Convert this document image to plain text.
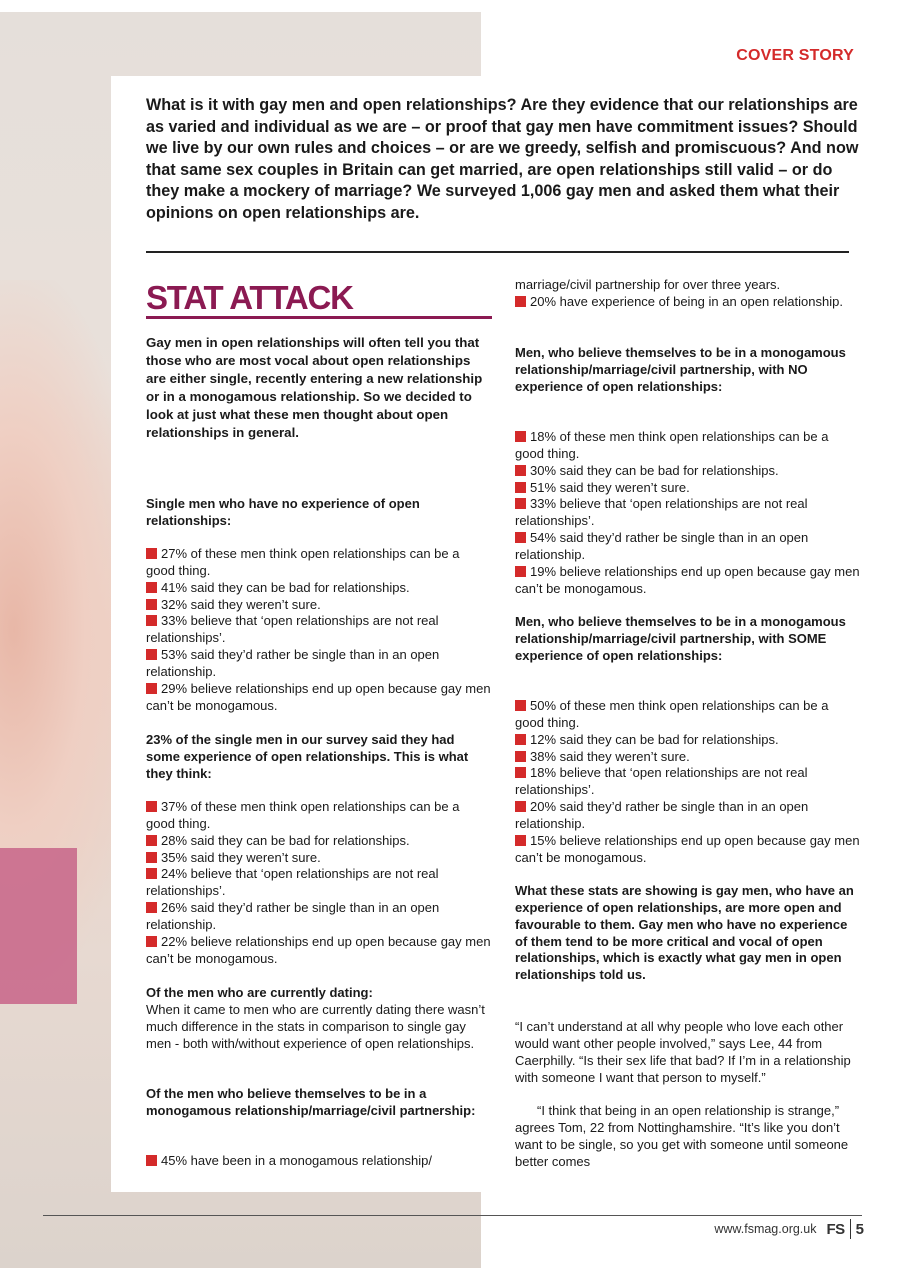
COVER STORY

What is it with gay men and open relationships? Are they evidence that our relationships are as varied and individual as we are – or proof that gay men have commitment issues? Should we live by our own rules and choices – or are we greedy, selfish and promiscuous? And now that same sex couples in Britain can get married, are open relationships still valid – or do they make a mockery of marriage? We surveyed 1,006 gay men and asked them what their opinions on open relationships are.

STAT ATTACK

Gay men in open relationships will often tell you that those who are most vocal about open relationships are either single, recently entering a new relationship or in a monogamous relationship. So we decided to look at just what these men thought about open relationships in general.

Single men who have no experience of open relationships:

27% of these men think open relationships can be a good thing.
41% said they can be bad for relationships.
32% said they weren’t sure.
33% believe that ‘open relationships are not real relationships’.
53% said they’d rather be single than in an open relationship.
29% believe relationships end up open because gay men can’t be monogamous.

23% of the single men in our survey said they had some experience of open relationships. This is what they think:

37% of these men think open relationships can be a good thing.
28% said they can be bad for relationships.
35% said they weren’t sure.
24% believe that ‘open relationships are not real relationships’.
26% said they’d rather be single than in an open relationship.
22% believe relationships end up open because gay men can’t be monogamous.

Of the men who are currently dating:

When it came to men who are currently dating there wasn’t much difference in the stats in comparison to single gay men - both with/without experience of open relationships.

Of the men who believe themselves to be in a monogamous relationship/marriage/civil partnership:

45% have been in a monogamous relationship/

marriage/civil partnership for over three years.

20% have experience of being in an open relationship.

Men, who believe themselves to be in a monogamous relationship/marriage/civil partnership, with NO experience of open relationships:

18% of these men think open relationships can be a good thing.
30% said they can be bad for relationships.
51% said they weren’t sure.
33% believe that ‘open relationships are not real relationships’.
54% said they’d rather be single than in an open relationship.
19% believe relationships end up open because gay men can’t be monogamous.

Men, who believe themselves to be in a monogamous relationship/marriage/civil partnership, with SOME experience of open relationships:

50% of these men think open relationships can be a good thing.
12% said they can be bad for relationships.
38% said they weren’t sure.
18% believe that ‘open relationships are not real relationships’.
20% said they’d rather be single than in an open relationship.
15% believe relationships end up open because gay men can’t be monogamous.

What these stats are showing is gay men, who have an experience of open relationships, are more open and favourable to them. Gay men who have no experience of them tend to be more critical and vocal of open relationships, which is exactly what gay men in open relationships told us.

“I can’t understand at all why people who love each other would want other people involved,” says Lee, 44 from Caerphilly. “Is their sex life that bad? If I’m in a relationship with someone I want that person to myself.”

“I think that being in an open relationship is strange,” agrees Tom, 22 from Nottinghamshire. “It’s like you don’t want to be single, so you get with someone until someone better comes

www.fsmag.org.uk FS 5
